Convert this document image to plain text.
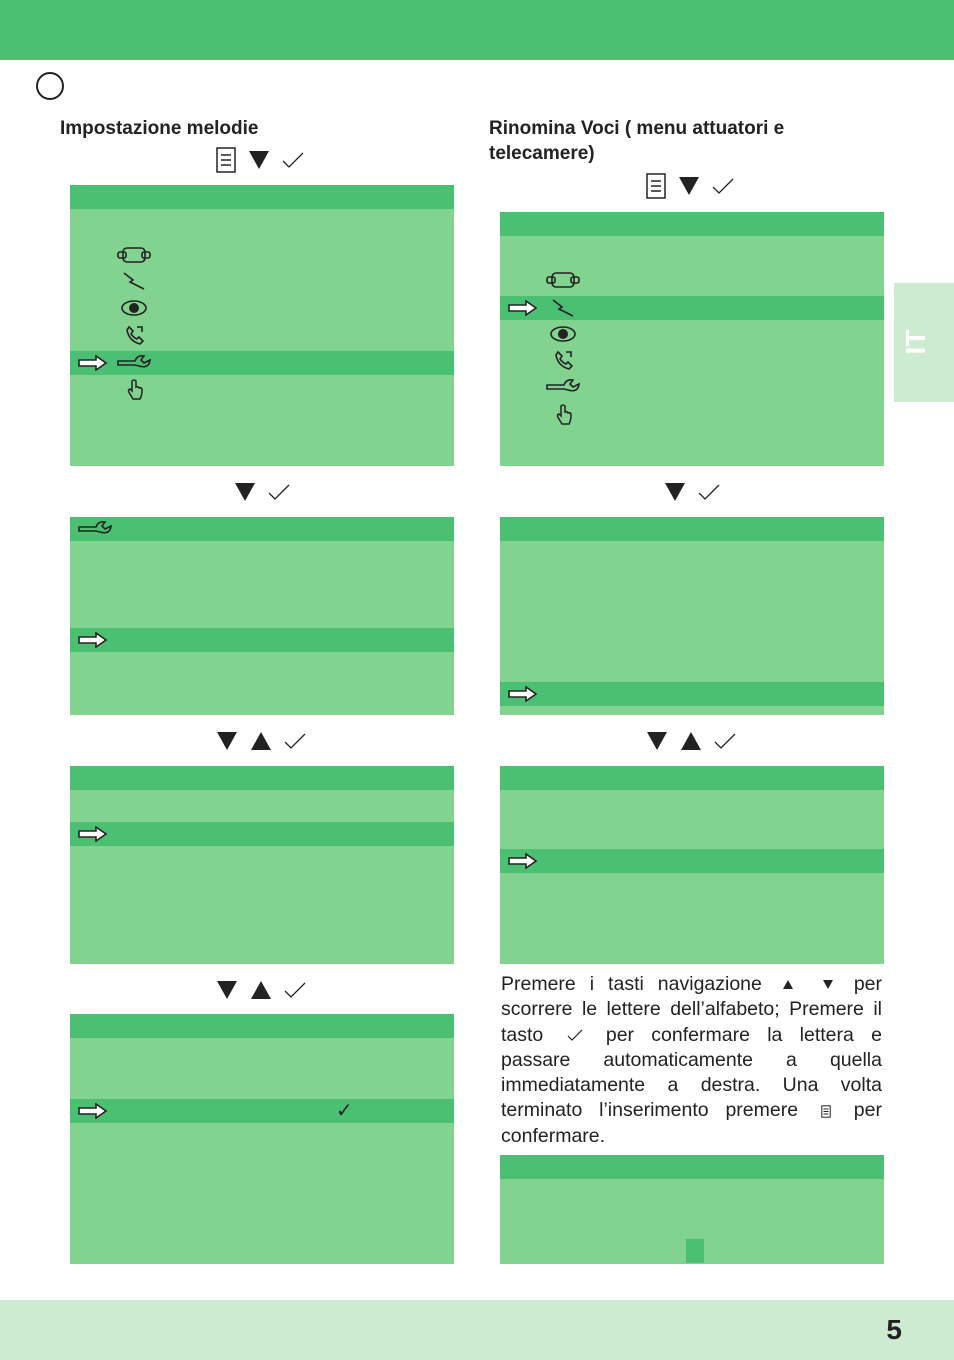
IT
Impostazione melodie
✓
Rinomina Voci ( menu attuatori e telecamere)
Premere i tasti navigazione	per scorrere le lettere dell’alfabeto; Premere il tasto	per confermare la lettera e passare automaticamente a quella immediatamente a destra. Una volta terminato l’inserimento premere	per confermare.
5
